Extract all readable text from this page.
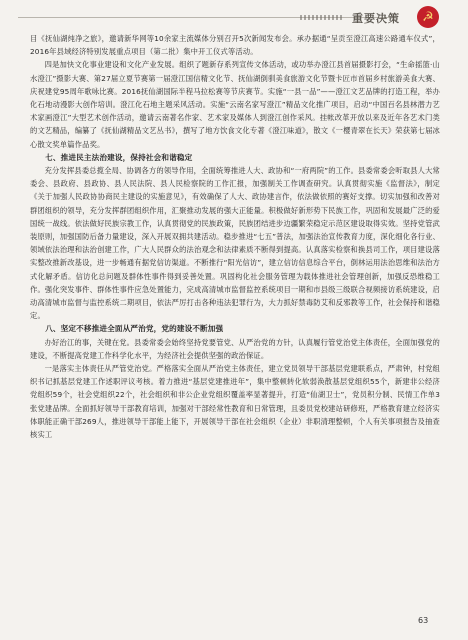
重要决策	☭

目《抚仙湖纯净之旅》，邀请新华网等10余家主流媒体分别召开5次新闻发布会。承办据通“呈贡至澄江高速公路通车仪式”，2016年县域经济特别发展重点项目（第二批）集中开工仪式等活动。

四是加快文化事业建设和文化产业发展。组织了题新存系列宣传文体活动，或功举办澄江县首届摄影打会，“生命摇篮·山水澄江”摄影大赛、第27届立夏节赛第一届澄江国信精文化节、抚仙湖倒驯美食旅游文化节暨卡匠市首届乡村旅游美食大赛、庆祝建党95周年歌咏比赛。2016抚仙湖国际半程马拉松赛等节庆赛节。实施“一县一品”——澄江文艺品牌的打造工程，举办化石地动漫影大创作培训。澄江化石地主题采风活动。实施“云南名家写澄江”精品文化推广项目，启动“中国百名县林潜力艺术家画澄江”大型艺术创作活动，邀请云南著名作家、艺术家及媒体人到澄江创作采风。挂帐改革开放以来及近年各艺术门类的文艺精品，编纂了《抚仙湖精品文艺丛书》，撰写了地方饮食文化专著《澄江味道》，散文《一樱青翠在长天》荣获第七届冰心散文奖单篇作品奖。

七、推进民主法治建设，保持社会和谐稳定

充分发挥县委总揽全局、协调各方的领导作用，全面统筹推进人大、政协和“一府两院”的工作。县委常委会听取县人大常委会、县政府、县政协、县人民法院、县人民检察院的工作汇报，加强制关工作调查研究。认真贯彻实施《监督法》，制定《关于加强人民政协协商民主建设的实施意见》，有效确保了人大、政协建言作，依法做依照的赛好支撑。切实加强和改善对群团组织的领导，充分发挥群团组织作用，汇聚推动发展的强大正能量。积极做好新形势下民族工作，巩固和发展最广泛的爱国统一战线。依法做好民族宗教工作，认真贯彻党的民族政策，民族团结进步边疆繁荣稳定示范区建设取得实效。坚持党管武装原则，加强国防后备力量建设，深入开展双拥共建活动。稳步推进“七五”普法，加强法治宣传教育力度，深化细化各行业、领域依法治理和法治创建工作，广大人民群众的法治观念和法律素质不断得到提高。认真落实检察和换县司工作，项目建设落实整改推新改基设，进一步畅通有据党信访渠道。不断推行“阳光信访”，建立信访信息综合平台，倒林运用法治思维和法治方式化解矛盾。信访化总问题及群体性事件得到妥善处置。巩固构化社会服务管理为载体推进社会管理创新，加强反恐维稳工作。强化突发事件、群体性事件应急处置能力，完成高清城市监督监控系统项目一期和市县级三级联合视频接访系统建设，启动高清城市监督与监控系统二期项目，依法严厉打击各种违法犯罪行为，大力抓好禁毒防艾和反邪教等工作，社会保持和谐稳定。

八、坚定不移推进全面从严治党，党的建设不断加强

办好治江的事，关键在党。县委常委会始终坚持党要管党、从严治党的方针，认真履行管党治党主体责任，全面加强党的建设，不断提高党建工作科学化水平，为经济社会提供坚强的政治保证。

一是落实主体责任从严管党治党。严格落实全面从严治党主体责任，建立党员领导干部基层党建联系点，严肃钟，村党组织书记抓基层党建工作述职评议考核。着力推进“基层党建推进年”，集中整顿转化软弱涣散基层党组织55个，新建非公经济党组织59个，社会党组织22个，社会组织和非公企业党组织覆盖率显著提升，打造“仙湖卫士”，党员积分制、民情工作单3张党建品牌。全面抓好领导干部教育培训，加强对干部经常性教育和日常管理，且委员党校建站研修班，严格教育建立经济实体职能正确干部269人，推进领导干部能上能下，开展领导干部在社会组织（企业）非职清理整顿，个人有关事项报告及抽查核实工

63
